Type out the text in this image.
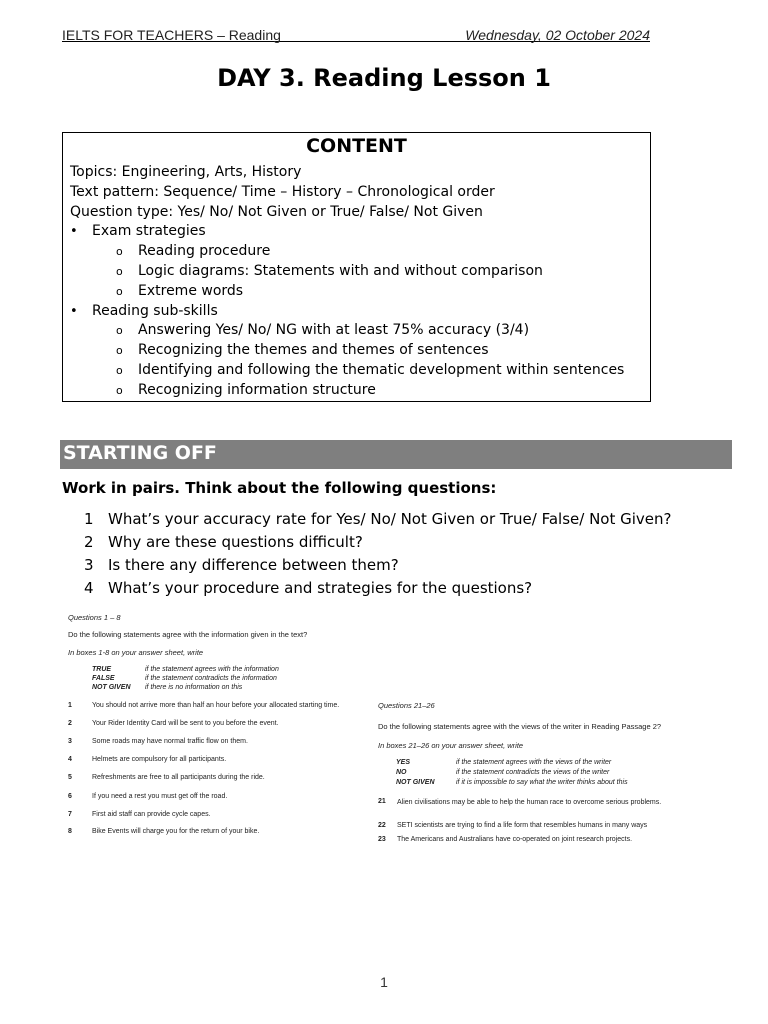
IELTS FOR TEACHERS – Reading	Wednesday, 02 October 2024
DAY 3. Reading Lesson 1
CONTENT
Topics: Engineering, Arts, History
Text pattern: Sequence/ Time – History – Chronological order
Question type: Yes/ No/ Not Given or True/ False/ Not Given
•	Exam strategies
o	Reading procedure
o	Logic diagrams: Statements with and without comparison
o	Extreme words
•	Reading sub-skills
o	Answering Yes/ No/ NG with at least 75% accuracy (3/4)
o	Recognizing the themes and themes of sentences
o	Identifying and following the thematic development within sentences
o	Recognizing information structure
STARTING OFF
Work in pairs. Think about the following questions:
1 What’s your accuracy rate for Yes/ No/ Not Given or True/ False/ Not Given?
2 Why are these questions difficult?
3 Is there any difference between them?
4 What’s your procedure and strategies for the questions?
Questions 1 – 8
Do the following statements agree with the information given in the text?
In boxes 1-8 on your answer sheet, write
TRUE	if the statement agrees with the information
FALSE	if the statement contradicts the information
NOT GIVEN if there is no information on this
1	You should not arrive more than half an hour before your allocated starting time.
2	Your Rider Identity Card will be sent to you before the event.
3	Some roads may have normal traffic flow on them.
4	Helmets are compulsory for all participants.
5	Refreshments are free to all participants during the ride.
6	If you need a rest you must get off the road.
7	First aid staff can provide cycle capes.
8	Bike Events will charge you for the return of your bike.
Questions 21–26
Do the following statements agree with the views of the writer in Reading Passage 2?
In boxes 21–26 on your answer sheet, write
YES	if the statement agrees with the views of the writer
NO	if the statement contradicts the views of the writer
NOT GIVEN	if it is impossible to say what the writer thinks about this
21 Alien civilisations may be able to help the human race to overcome serious problems.
22 SETI scientists are trying to find a life form that resembles humans in many ways
23 The Americans and Australians have co-operated on joint research projects.
1
